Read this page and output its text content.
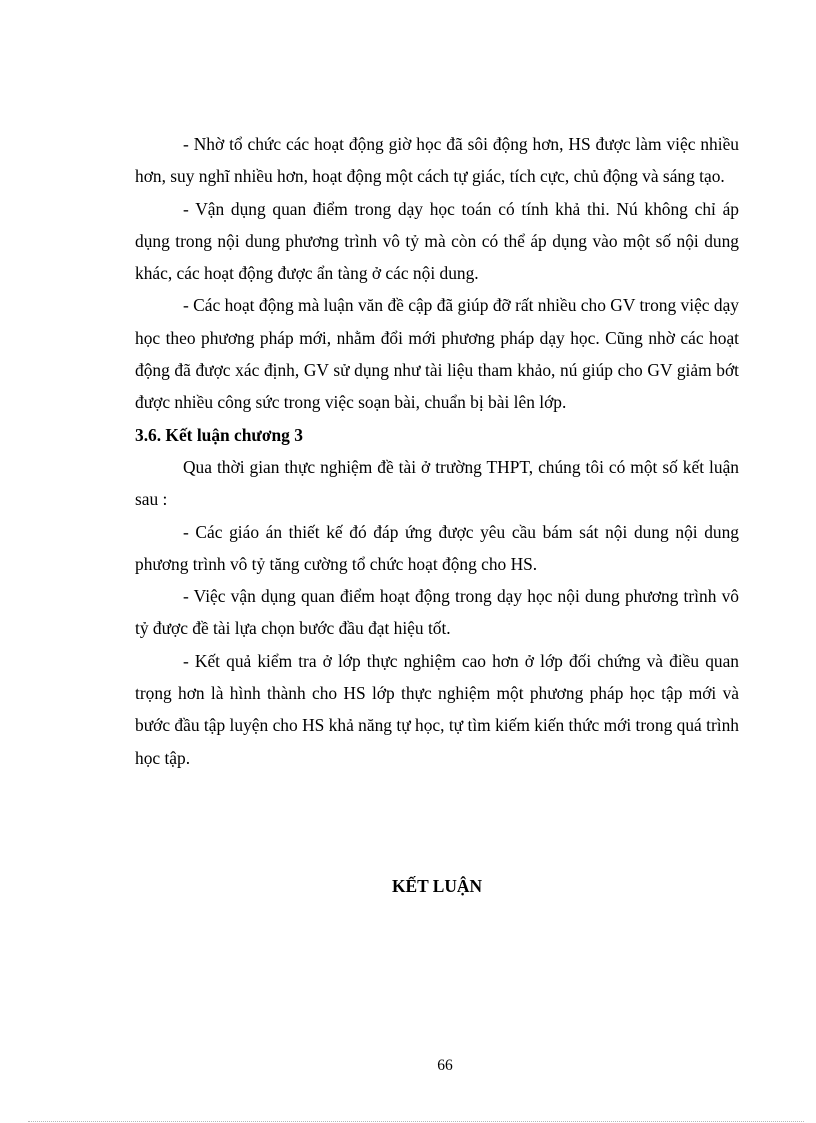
- Nhờ tổ chức các hoạt động giờ học đã sôi động hơn, HS được làm việc nhiều hơn, suy nghĩ nhiều hơn, hoạt động một cách tự giác, tích cực, chủ động và sáng tạo.

- Vận dụng quan điểm trong dạy học toán có tính khả thi. Nú không chỉ áp dụng trong nội dung phương trình vô tỷ mà còn có thể áp dụng vào một số nội dung khác, các hoạt động được ẩn tàng ở các nội dung.

- Các hoạt động mà luận văn đề cập đã giúp đỡ rất nhiều cho GV trong việc dạy học theo phương pháp mới, nhằm đổi mới phương pháp dạy học. Cũng nhờ các hoạt động đã được xác định, GV sử dụng như tài liệu tham khảo, nú giúp cho GV giảm bớt được nhiều công sức trong việc soạn bài, chuẩn bị bài lên lớp.

3.6. Kết luận chương 3

Qua thời gian thực nghiệm đề tài ở trường THPT, chúng tôi có một số kết luận sau :

- Các giáo án thiết kế đó đáp ứng được yêu cầu bám sát nội dung nội dung phương trình vô tỷ tăng cường tổ chức hoạt động cho HS.

- Việc vận dụng quan điểm hoạt động trong dạy học nội dung phương trình vô tỷ được đề tài lựa chọn bước đầu đạt hiệu tốt.

- Kết quả kiểm tra ở lớp thực nghiệm cao hơn ở lớp đối chứng và điều quan trọng hơn là hình thành cho HS lớp thực nghiệm một phương pháp học tập mới và bước đầu tập luyện cho HS khả năng tự học, tự tìm kiếm kiến thức mới trong quá trình học tập.

KẾT LUẬN

66
